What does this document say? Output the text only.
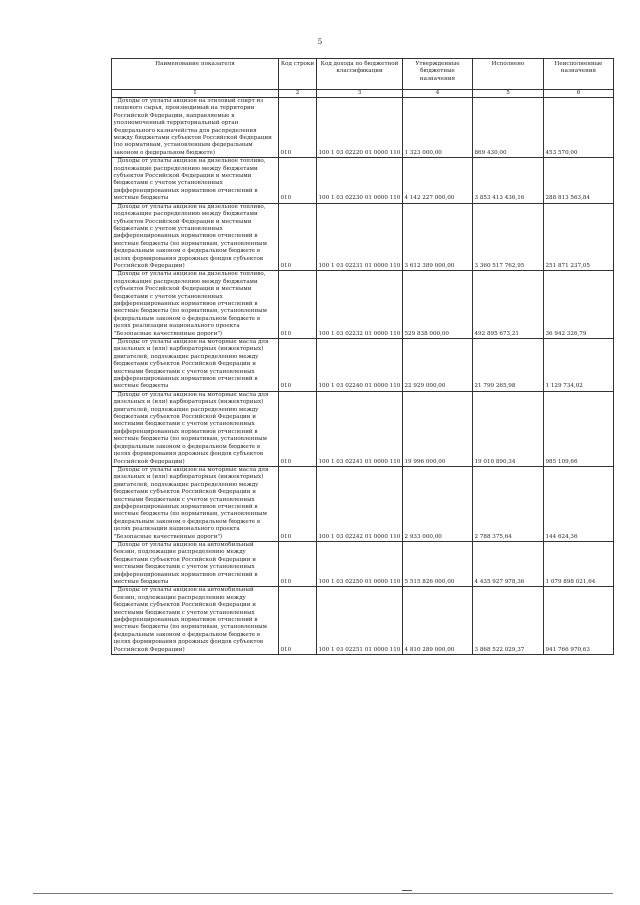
5
Наименование показателя	Код строки	Код дохода по бюджетной классификации	Утвержденные бюджетные назначения	Исполнено	Неисполненные назначения
1	2	3	4	5	6

Доходы от уплаты акцизов на этиловый спирт из пищевого сырья, производимый на территории Российской Федерации, направляемые в уполномоченный территориальный орган Федерального казначейства для распределения между бюджетами субъектов Российской Федерации (по нормативам, установленным федеральным законом о федеральном бюджете)	010	100 1 03 02220 01 0000 110	1 323 000,00	869 430,00	453 570,00

Доходы от уплаты акцизов на дизельное топливо, подлежащие распределению между бюджетами субъектов Российской Федерации и местными бюджетами с учетом установленных дифференцированных нормативов отчислений в местные бюджеты	010	100 1 03 02230 01 0000 110	4 142 227 000,00	3 853 413 436,16	288 813 563,84

Доходы от уплаты акцизов на дизельное топливо, подлежащие распределению между бюджетами субъектов Российской Федерации и местными бюджетами с учетом установленных дифференцированных нормативов отчислений в местные бюджеты (по нормативам, установленным федеральным законом о федеральном бюджете в целях формирования дорожных фондов субъектов Российской Федерации)	010	100 1 03 02231 01 0000 110	3 612 389 000,00	3 360 517 762,95	251 871 237,05

Доходы от уплаты акцизов на дизельное топливо, подлежащие распределению между бюджетами субъектов Российской Федерации и местными бюджетами с учетом установленных дифференцированных нормативов отчислений в местные бюджеты (по нормативам, установленным федеральным законом о федеральном бюджете в целях реализации национального проекта "Безопасные качественные дороги")	010	100 1 03 02232 01 0000 110	529 838 000,00	492 895 673,21	36 942 326,79

Доходы от уплаты акцизов на моторные масла для дизельных и (или) карбюраторных (инжекторных) двигателей, подлежащие распределению между бюджетами субъектов Российской Федерации и местными бюджетами с учетом установленных дифференцированных нормативов отчислений в местные бюджеты	010	100 1 03 02240 01 0000 110	22 929 000,00	21 799 265,98	1 129 734,02

Доходы от уплаты акцизов на моторные масла для дизельных и (или) карбюраторных (инжекторных) двигателей, подлежащие распределению между бюджетами субъектов Российской Федерации и местными бюджетами с учетом установленных дифференцированных нормативов отчислений в местные бюджеты (по нормативам, установленным федеральным законом о федеральном бюджете в целях формирования дорожных фондов субъектов Российской Федерации)	010	100 1 03 02241 01 0000 110	19 996 000,00	19 010 890,34	985 109,66

Доходы от уплаты акцизов на моторные масла для дизельных и (или) карбюраторных (инжекторных) двигателей, подлежащие распределению между бюджетами субъектов Российской Федерации и местными бюджетами с учетом установленных дифференцированных нормативов отчислений в местные бюджеты (по нормативам, установленным федеральным законом о федеральном бюджете в целях реализации национального проекта "Безопасные качественные дороги")	010	100 1 03 02242 01 0000 110	2 933 000,00	2 788 375,64	144 624,36

Доходы от уплаты акцизов на автомобильный бензин, подлежащие распределению между бюджетами субъектов Российской Федерации и местными бюджетами с учетом установленных дифференцированных нормативов отчислений в местные бюджеты	010	100 1 03 02250 01 0000 110	5 515 826 000,00	4 435 927 978,36	1 079 898 021,64

Доходы от уплаты акцизов на автомобильный бензин, подлежащие распределению между бюджетами субъектов Российской Федерации и местными бюджетами с учетом установленных дифференцированных нормативов отчислений в местные бюджеты (по нормативам, установленным федеральным законом о федеральном бюджете в целях формирования дорожных фондов субъектов Российской Федерации)	010	100 1 03 02251 01 0000 110	4 810 289 000,00	3 868 522 029,37	941 766 970,63
